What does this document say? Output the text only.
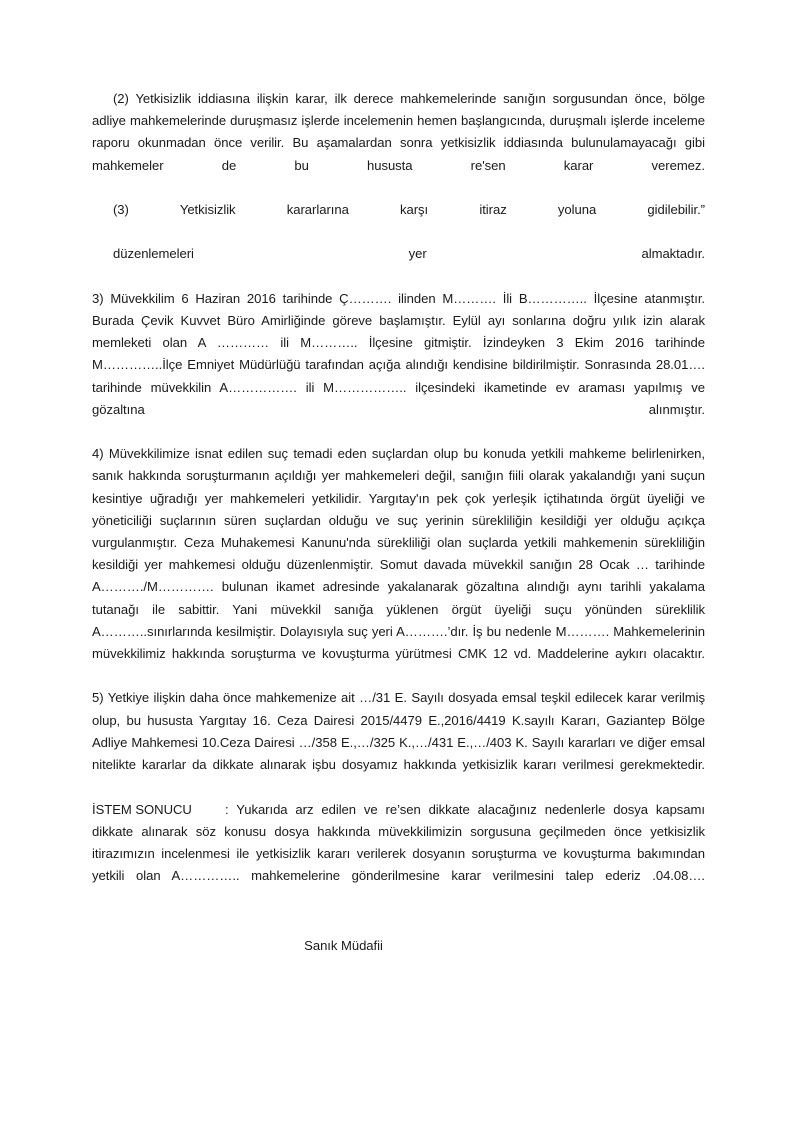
(2) Yetkisizlik iddiasına ilişkin karar, ilk derece mahkemelerinde sanığın sorgusundan önce, bölge adliye mahkemelerinde duruşmasız işlerde incelemenin hemen başlangıcında, duruşmalı işlerde inceleme raporu okunmadan önce verilir. Bu aşamalardan sonra yetkisizlik iddiasında bulunulamayacağı gibi mahkemeler de bu hususta re'sen karar veremez.

(3) Yetkisizlik kararlarına karşı itiraz yoluna gidilebilir.”

düzenlemeleri yer almaktadır.

3) Müvekkilim 6 Haziran 2016 tarihinde Ç………. ilinden M………. İli B………….. İlçesine atanmıştır. Burada Çevik Kuvvet Büro Amirliğinde göreve başlamıştır. Eylül ayı sonlarına doğru yılık izin alarak memleketi olan A ………… ili M……….. İlçesine gitmiştir. İzindeyken 3 Ekim 2016 tarihinde M…………..İlçe Emniyet Müdürlüğü tarafından açığa alındığı kendisine bildirilmiştir. Sonrasında 28.01…. tarihinde müvekkilin A……………. ili M…………….. ilçesindeki ikametinde ev araması yapılmış ve gözaltına alınmıştır.

4) Müvekkilimize isnat edilen suç temadi eden suçlardan olup bu konuda yetkili mahkeme belirlenirken, sanık hakkında soruşturmanın açıldığı yer mahkemeleri değil, sanığın fiili olarak yakalandığı yani suçun kesintiye uğradığı yer mahkemeleri yetkilidir. Yargıtay'ın pek çok yerleşik içtihatında örgüt üyeliği ve yöneticiliği suçlarının süren suçlardan olduğu ve suç yerinin sürekliliğin kesildiği yer olduğu açıkça vurgulanmıştır. Ceza Muhakemesi Kanunu'nda sürekliliği olan suçlarda yetkili mahkemenin sürekliliğin kesildiği yer mahkemesi olduğu düzenlenmiştir. Somut davada müvekkil sanığın 28 Ocak … tarihinde A………./M…………. bulunan ikamet adresinde yakalanarak gözaltına alındığı aynı tarihli yakalama tutanağı ile sabittir. Yani müvekkil sanığa yüklenen örgüt üyeliği suçu yönünden süreklilik A………..sınırlarında kesilmiştir. Dolayısıyla suç yeri A……….’dır. İş bu nedenle M………. Mahkemelerinin müvekkilimiz hakkında soruşturma ve kovuşturma yürütmesi CMK 12 vd. Maddelerine aykırı olacaktır.

5) Yetkiye ilişkin daha önce mahkemenize ait …/31 E. Sayılı dosyada emsal teşkil edilecek karar verilmiş olup, bu hususta Yargıtay 16. Ceza Dairesi 2015/4479 E.,2016/4419 K.sayılı Kararı, Gaziantep Bölge Adliye Mahkemesi 10.Ceza Dairesi …/358 E.,…/325 K.,…/431 E.,…/403 K. Sayılı kararları ve diğer emsal nitelikte kararlar da dikkate alınarak işbu dosyamız hakkında yetkisizlik kararı verilmesi gerekmektedir.

İSTEM SONUCU	: Yukarıda arz edilen ve re’sen dikkate alacağınız nedenlerle dosya kapsamı dikkate alınarak söz konusu dosya hakkında müvekkilimizin sorgusuna geçilmeden önce yetkisizlik itirazımızın incelenmesi ile yetkisizlik kararı verilerek dosyanın soruşturma ve kovuşturma bakımından yetkili olan A………….. mahkemelerine gönderilmesine karar verilmesini talep ederiz .04.08….

Sanık Müdafii
